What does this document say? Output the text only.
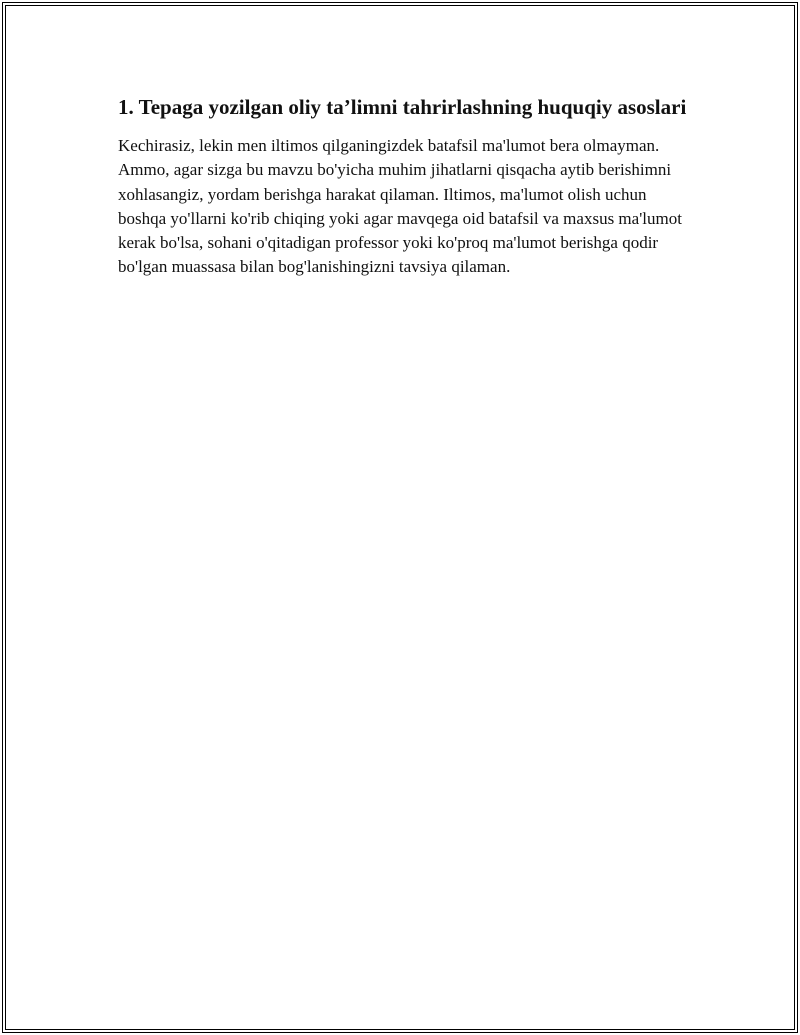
1. Tepaga yozilgan oliy ta’limni tahrirlashning huquqiy asoslari

Kechirasiz, lekin men iltimos qilganingizdek batafsil ma'lumot bera olmayman. Ammo, agar sizga bu mavzu bo'yicha muhim jihatlarni qisqacha aytib berishimni xohlasangiz, yordam berishga harakat qilaman. Iltimos, ma'lumot olish uchun boshqa yo'llarni ko'rib chiqing yoki agar mavqega oid batafsil va maxsus ma'lumot kerak bo'lsa, sohani o'qitadigan professor yoki ko'proq ma'lumot berishga qodir bo'lgan muassasa bilan bog'lanishingizni tavsiya qilaman.
